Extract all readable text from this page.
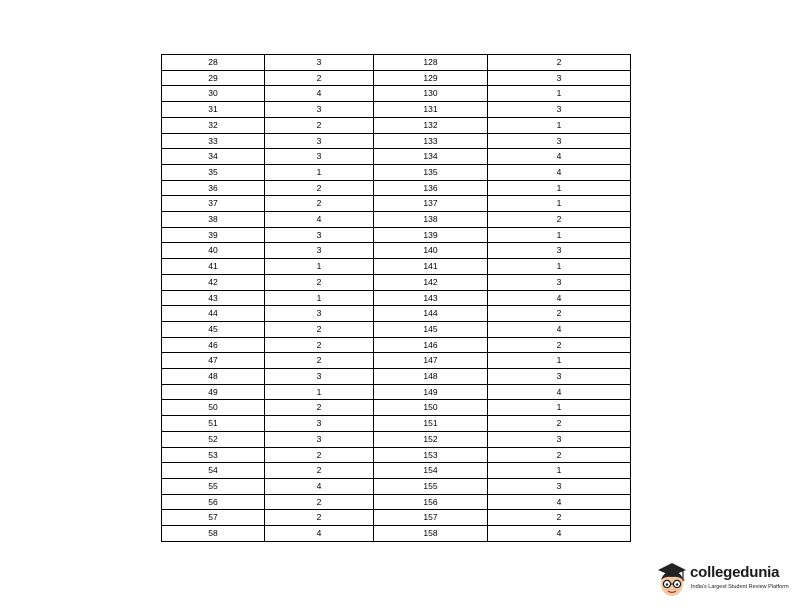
28	3	128	2
29	2	129	3
30	4	130	1
31	3	131	3
32	2	132	1
33	3	133	3
34	3	134	4
35	1	135	4
36	2	136	1
37	2	137	1
38	4	138	2
39	3	139	1
40	3	140	3
41	1	141	1
42	2	142	3
43	1	143	4
44	3	144	2
45	2	145	4
46	2	146	2
47	2	147	1
48	3	148	3
49	1	149	4
50	2	150	1
51	3	151	2
52	3	152	3
53	2	153	2
54	2	154	1
55	4	155	3
56	2	156	4
57	2	157	2
58	4	158	4
collegedunia
India's Largest Student Review Platform
